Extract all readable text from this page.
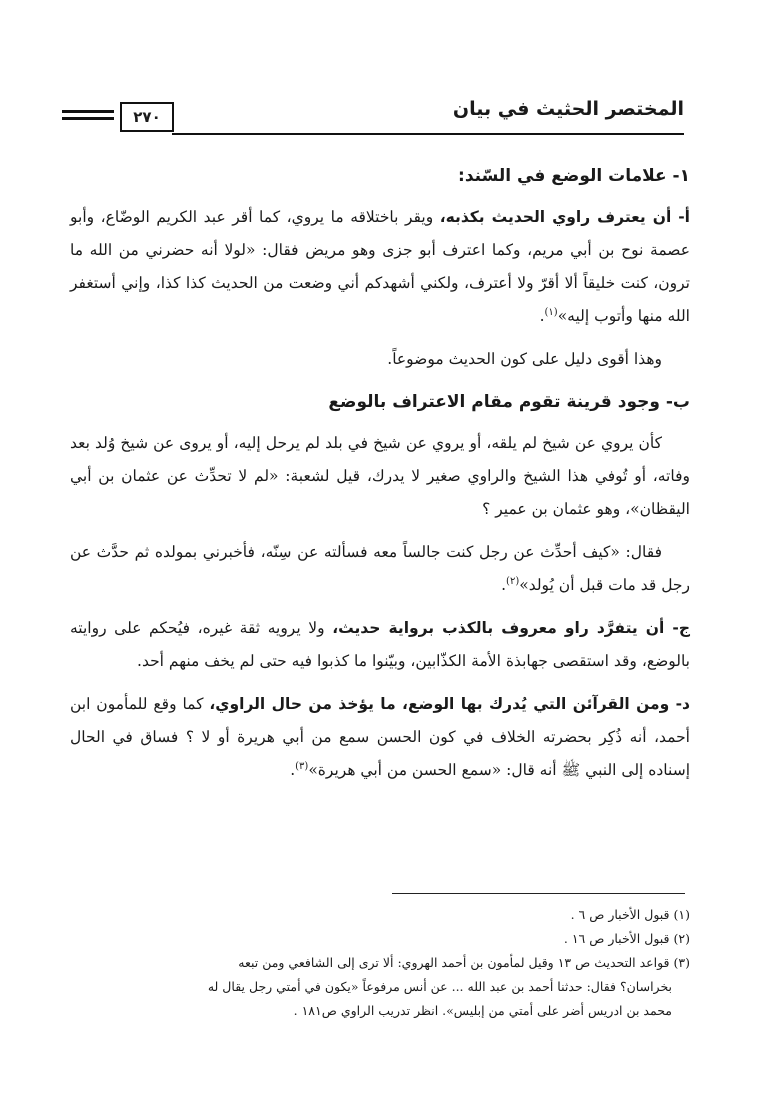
المختصر الحثيث في بيان
٢٧٠

١- علامات الوضع في السّند:

أ- أن يعترف راوي الحديث بكذبه، ويقر باختلاقه ما يروي، كما أقر عبد الكريم الوضّاع، وأبو عصمة نوح بن أبي مريم، وكما اعترف أبو جزى وهو مريض فقال: «لولا أنه حضرني من الله ما ترون، كنت خليقاً ألا أقرّ ولا أعترف، ولكني أشهدكم أني وضعت من الحديث كذا كذا، وإني أستغفر الله منها وأتوب إليه»$^{(١)}$.

وهذا أقوى دليل على كون الحديث موضوعاً.

ب- وجود قرينة تقوم مقام الاعتراف بالوضع

كأن يروي عن شيخ لم يلقه، أو يروي عن شيخ في بلد لم يرحل إليه، أو يروى عن شيخ وُلد بعد وفاته، أو تُوفي هذا الشيخ والراوي صغير لا يدرك، قيل لشعبة: «لم لا تحدِّث عن عثمان بن أبي اليقظان»، وهو عثمان بن عمير ؟

فقال: «كيف أحدِّث عن رجل كنت جالساً معه فسألته عن سِنّه، فأخبرني بمولده ثم حدَّث عن رجل قد مات قبل أن يُولد»$^{(٢)}$.

ج- أن يتفرَّد راو معروف بالكذب برواية حديث، ولا يرويه ثقة غيره، فيُحكم على روايته بالوضع، وقد استقصى جهابذة الأمة الكذّابين، وبيّنوا ما كذبوا فيه حتى لم يخف منهم أحد.

د- ومن القرآئن التي يُدرك بها الوضع، ما يؤخذ من حال الراوي، كما وقع للمأمون ابن أحمد، أنه ذُكِر بحضرته الخلاف في كون الحسن سمع من أبي هريرة أو لا ؟ فساق في الحال إسناده إلى النبي ﷺ أنه قال: «سمع الحسن من أبي هريرة»$^{(٣)}$.

(١) قبول الأخبار ص ٦ .

(٢) قبول الأخبار ص ١٦ .

(٣) قواعد التحديث ص ١٣ وقيل لمأمون بن أحمد الهروي: ألا ترى إلى الشافعي ومن تبعه

بخراسان؟ فقال: حدثنا أحمد بن عبد الله ... عن أنس مرفوعاً «يكون في أمتي رجل يقال له

محمد بن ادريس أضر على أمتي من إبليس». انظر تدريب الراوي ص١٨١ .
